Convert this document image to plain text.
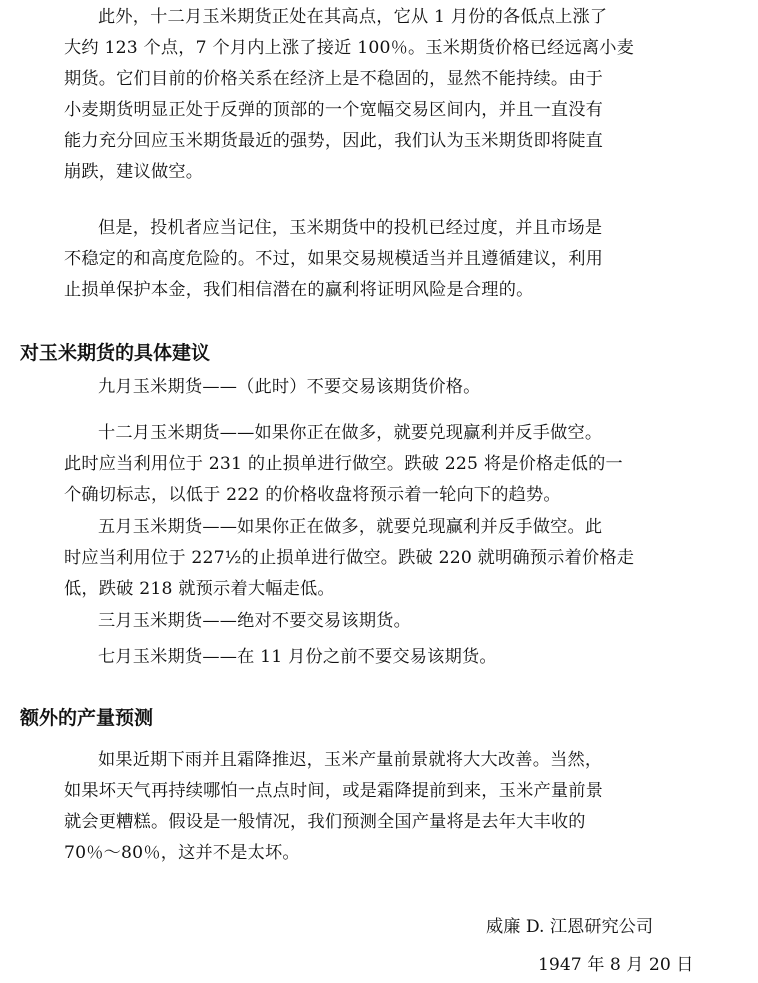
此外，十二月玉米期货正处在其高点，它从 1 月份的各低点上涨了
大约 123 个点，7 个月内上涨了接近 100％。玉米期货价格已经远离小麦
期货。它们目前的价格关系在经济上是不稳固的，显然不能持续。由于
小麦期货明显正处于反弹的顶部的一个宽幅交易区间内，并且一直没有
能力充分回应玉米期货最近的强势，因此，我们认为玉米期货即将陡直
崩跌，建议做空。

但是，投机者应当记住，玉米期货中的投机已经过度，并且市场是
不稳定的和高度危险的。不过，如果交易规模适当并且遵循建议，利用
止损单保护本金，我们相信潜在的赢利将证明风险是合理的。

对玉米期货的具体建议

九月玉米期货——（此时）不要交易该期货价格。

十二月玉米期货——如果你正在做多，就要兑现赢利并反手做空。
此时应当利用位于 231 的止损单进行做空。跌破 225 将是价格走低的一
个确切标志，以低于 222 的价格收盘将预示着一轮向下的趋势。

五月玉米期货——如果你正在做多，就要兑现赢利并反手做空。此
时应当利用位于 227½的止损单进行做空。跌破 220 就明确预示着价格走
低，跌破 218 就预示着大幅走低。

三月玉米期货——绝对不要交易该期货。

七月玉米期货——在 11 月份之前不要交易该期货。

额外的产量预测

如果近期下雨并且霜降推迟，玉米产量前景就将大大改善。当然，
如果坏天气再持续哪怕一点点时间，或是霜降提前到来，玉米产量前景
就会更糟糕。假设是一般情况，我们预测全国产量将是去年大丰收的
70％～80％，这并不是太坏。

威廉 D. 江恩研究公司

1947 年 8 月 20 日
